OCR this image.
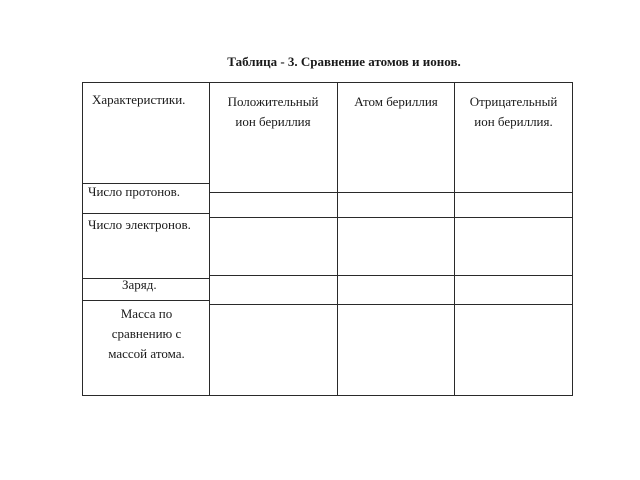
Таблица - 3. Сравнение атомов и ионов.
Характеристики.	Положительный
ион бериллия
Атом бериллия	Отрицательный
ион бериллия.
Число протонов.
Число электронов.
Заряд.
Масса по
сравнению с
массой атома.
